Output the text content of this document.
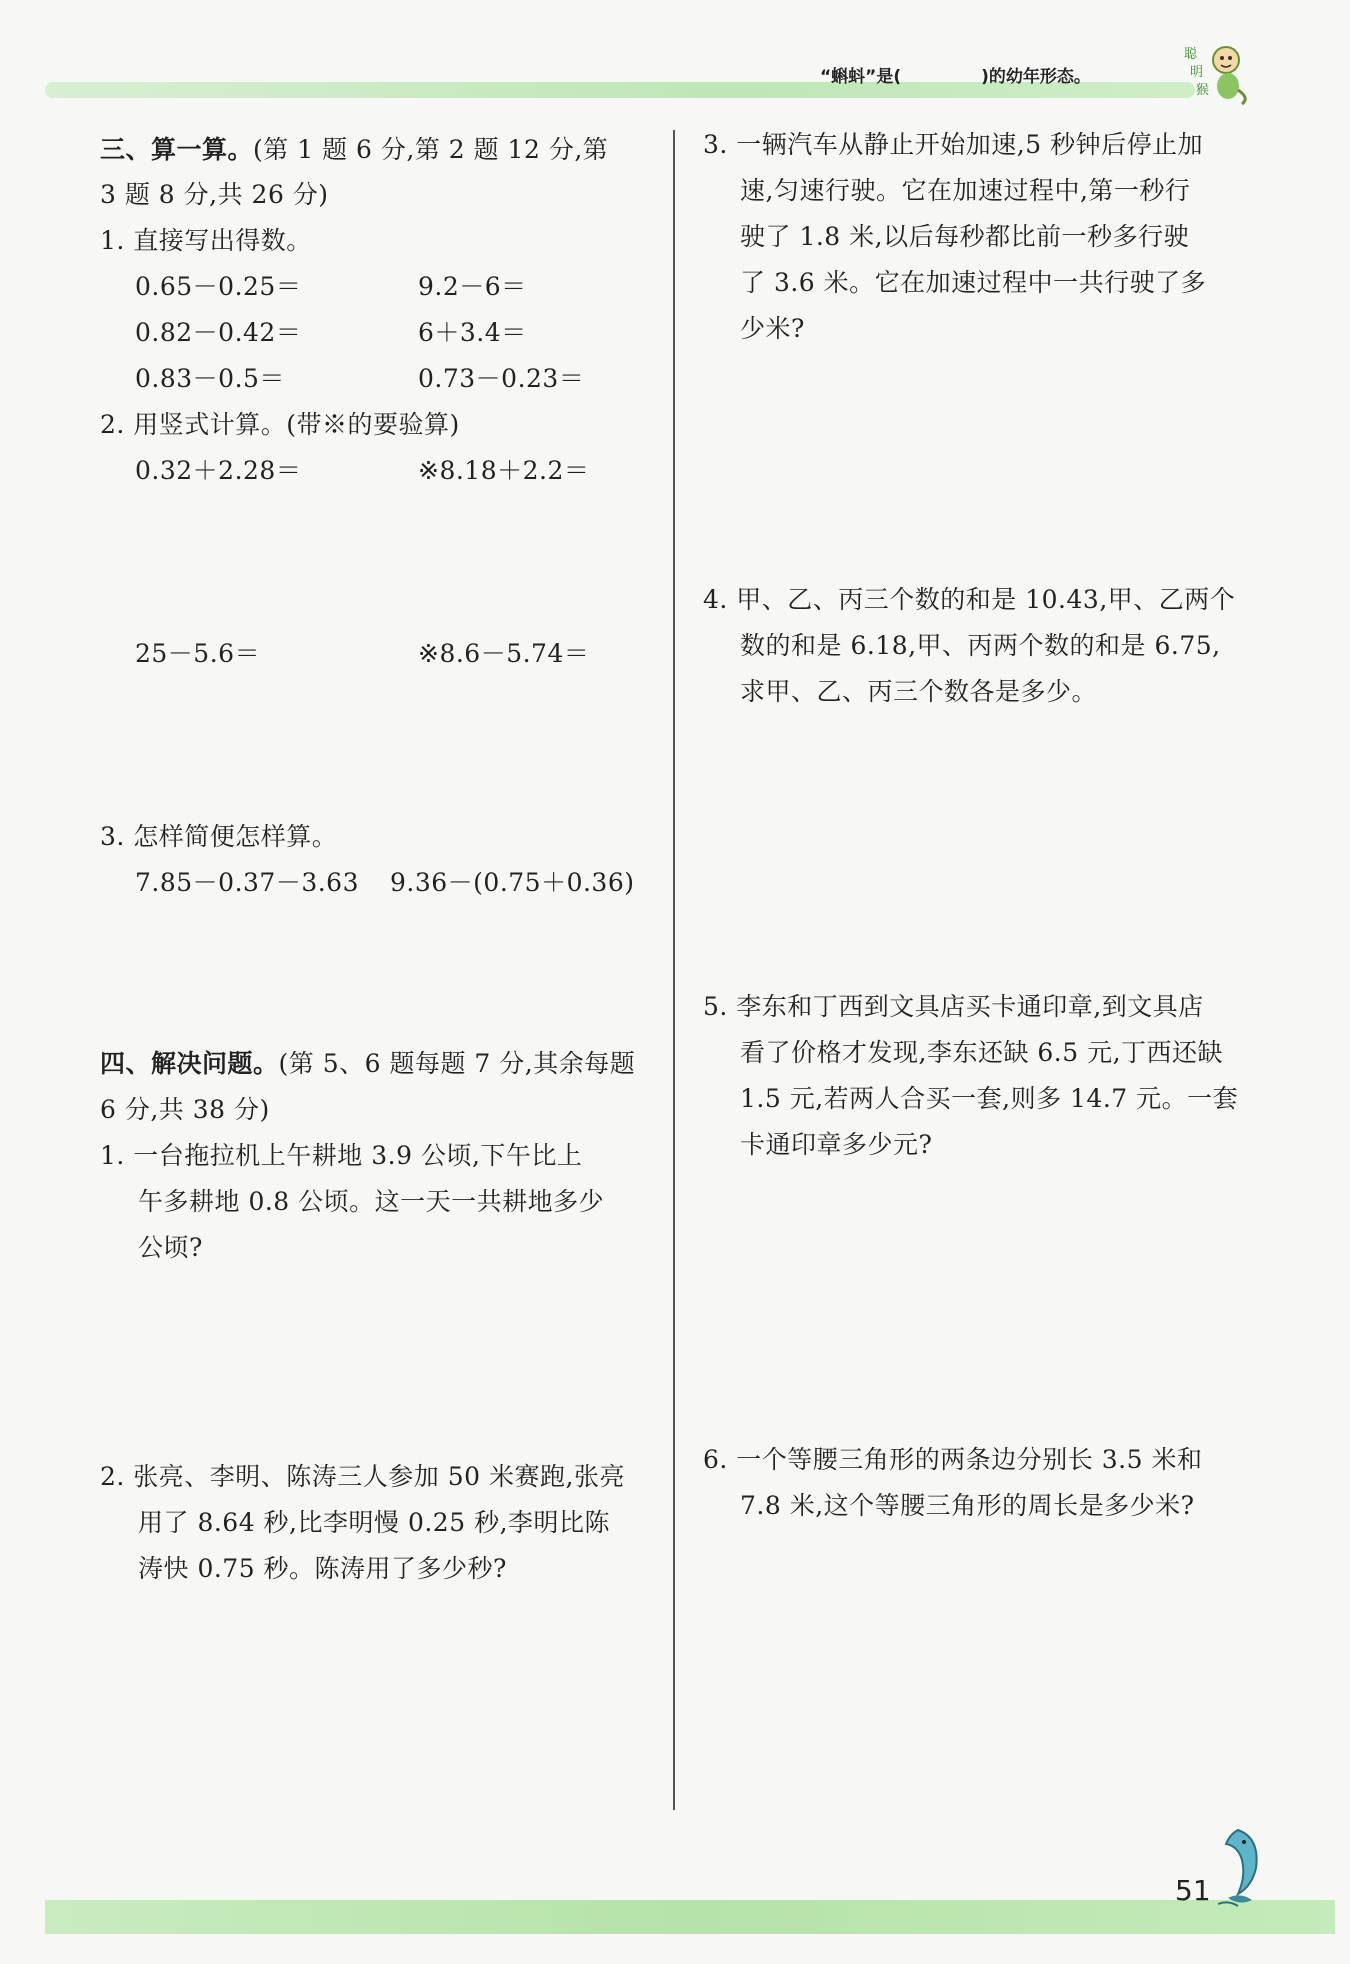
“蝌蚪”是(	)的幼年形态。
聪
明
猴
三、算一算。(第 1 题 6 分,第 2 题 12 分,第
3 题 8 分,共 26 分)
1. 直接写出得数。
0.65－0.25＝	9.2－6＝
0.82－0.42＝	6＋3.4＝
0.83－0.5＝	0.73－0.23＝
2. 用竖式计算。(带※的要验算)
0.32＋2.28＝	※8.18＋2.2＝
25－5.6＝	※8.6－5.74＝
3. 怎样简便怎样算。
7.85－0.37－3.63 9.36－(0.75＋0.36)
四、解决问题。(第 5、6 题每题 7 分,其余每题
6 分,共 38 分)
1. 一台拖拉机上午耕地 3.9 公顷,下午比上
午多耕地 0.8 公顷。这一天一共耕地多少
公顷?
2. 张亮、李明、陈涛三人参加 50 米赛跑,张亮
用了 8.64 秒,比李明慢 0.25 秒,李明比陈
涛快 0.75 秒。陈涛用了多少秒?
3. 一辆汽车从静止开始加速,5 秒钟后停止加
速,匀速行驶。它在加速过程中,第一秒行
驶了 1.8 米,以后每秒都比前一秒多行驶
了 3.6 米。它在加速过程中一共行驶了多
少米?
4. 甲、乙、丙三个数的和是 10.43,甲、乙两个
数的和是 6.18,甲、丙两个数的和是 6.75,
求甲、乙、丙三个数各是多少。
5. 李东和丁西到文具店买卡通印章,到文具店
看了价格才发现,李东还缺 6.5 元,丁西还缺
1.5 元,若两人合买一套,则多 14.7 元。一套
卡通印章多少元?
6. 一个等腰三角形的两条边分别长 3.5 米和
7.8 米,这个等腰三角形的周长是多少米?
51
